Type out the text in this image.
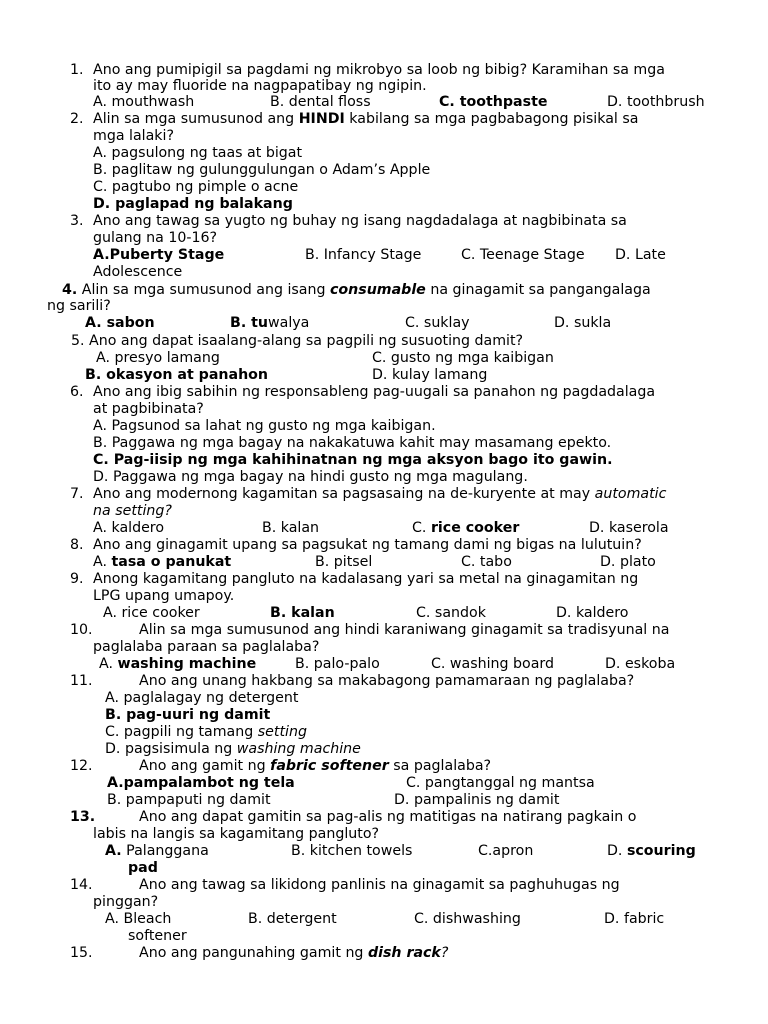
1. Ano ang pumipigil sa pagdami ng mikrobyo sa loob ng bibig? Karamihan sa mga
ito ay may fluoride na nagpapatibay ng ngipin.
A. mouthwash	B. dental floss	C. toothpaste	D. toothbrush
2. Alin sa mga sumusunod ang HINDI kabilang sa mga pagbabagong pisikal sa
mga lalaki?
A. pagsulong ng taas at bigat
B. paglitaw ng gulunggulungan o Adam’s Apple
C. pagtubo ng pimple o acne
D. paglapad ng balakang
3. Ano ang tawag sa yugto ng buhay ng isang nagdadalaga at nagbibinata sa
gulang na 10-16?
A.Puberty Stage	B. Infancy Stage	C. Teenage Stage D. Late
Adolescence
4. Alin sa mga sumusunod ang isang consumable na ginagamit sa pangangalaga
ng sarili?
A. sabon	B. tuwalya	C. suklay	D. sukla
5. Ano ang dapat isaalang-alang sa pagpili ng susuoting damit?
A. presyo lamang	C. gusto ng mga kaibigan
B. okasyon at panahon	D. kulay lamang
6. Ano ang ibig sabihin ng responsableng pag-uugali sa panahon ng pagdadalaga
at pagbibinata?
A. Pagsunod sa lahat ng gusto ng mga kaibigan.
B. Paggawa ng mga bagay na nakakatuwa kahit may masamang epekto.
C. Pag-iisip ng mga kahihinatnan ng mga aksyon bago ito gawin.
D. Paggawa ng mga bagay na hindi gusto ng mga magulang.
7. Ano ang modernong kagamitan sa pagsasaing na de-kuryente at may automatic
na setting?
A. kaldero	B. kalan	C. rice cooker	D. kaserola
8. Ano ang ginagamit upang sa pagsukat ng tamang dami ng bigas na lulutuin?
A. tasa o panukat	B. pitsel	C. tabo	D. plato
9. Anong kagamitang pangluto na kadalasang yari sa metal na ginagamitan ng
LPG upang umapoy.
A. rice cooker	B. kalan	C. sandok	D. kaldero
10.	Alin sa mga sumusunod ang hindi karaniwang ginagamit sa tradisyunal na
paglalaba paraan sa paglalaba?
A. washing machine	B. palo-palo	C. washing board	D. eskoba
11.	Ano ang unang hakbang sa makabagong pamamaraan ng paglalaba?
A. paglalagay ng detergent
B. pag-uuri ng damit
C. pagpili ng tamang setting
D. pagsisimula ng washing machine
12.	Ano ang gamit ng fabric softener sa paglalaba?
A.pampalambot ng tela	C. pangtanggal ng mantsa
B. pampaputi ng damit	D. pampalinis ng damit
13.	Ano ang dapat gamitin sa pag-alis ng matitigas na natirang pagkain o
labis na langis sa kagamitang pangluto?
A. Palanggana	B. kitchen towels	C.apron	D. scouring
pad
14.	Ano ang tawag sa likidong panlinis na ginagamit sa paghuhugas ng
pinggan?
A. Bleach	B. detergent	C. dishwashing	D. fabric
softener
15.	Ano ang pangunahing gamit ng dish rack?
